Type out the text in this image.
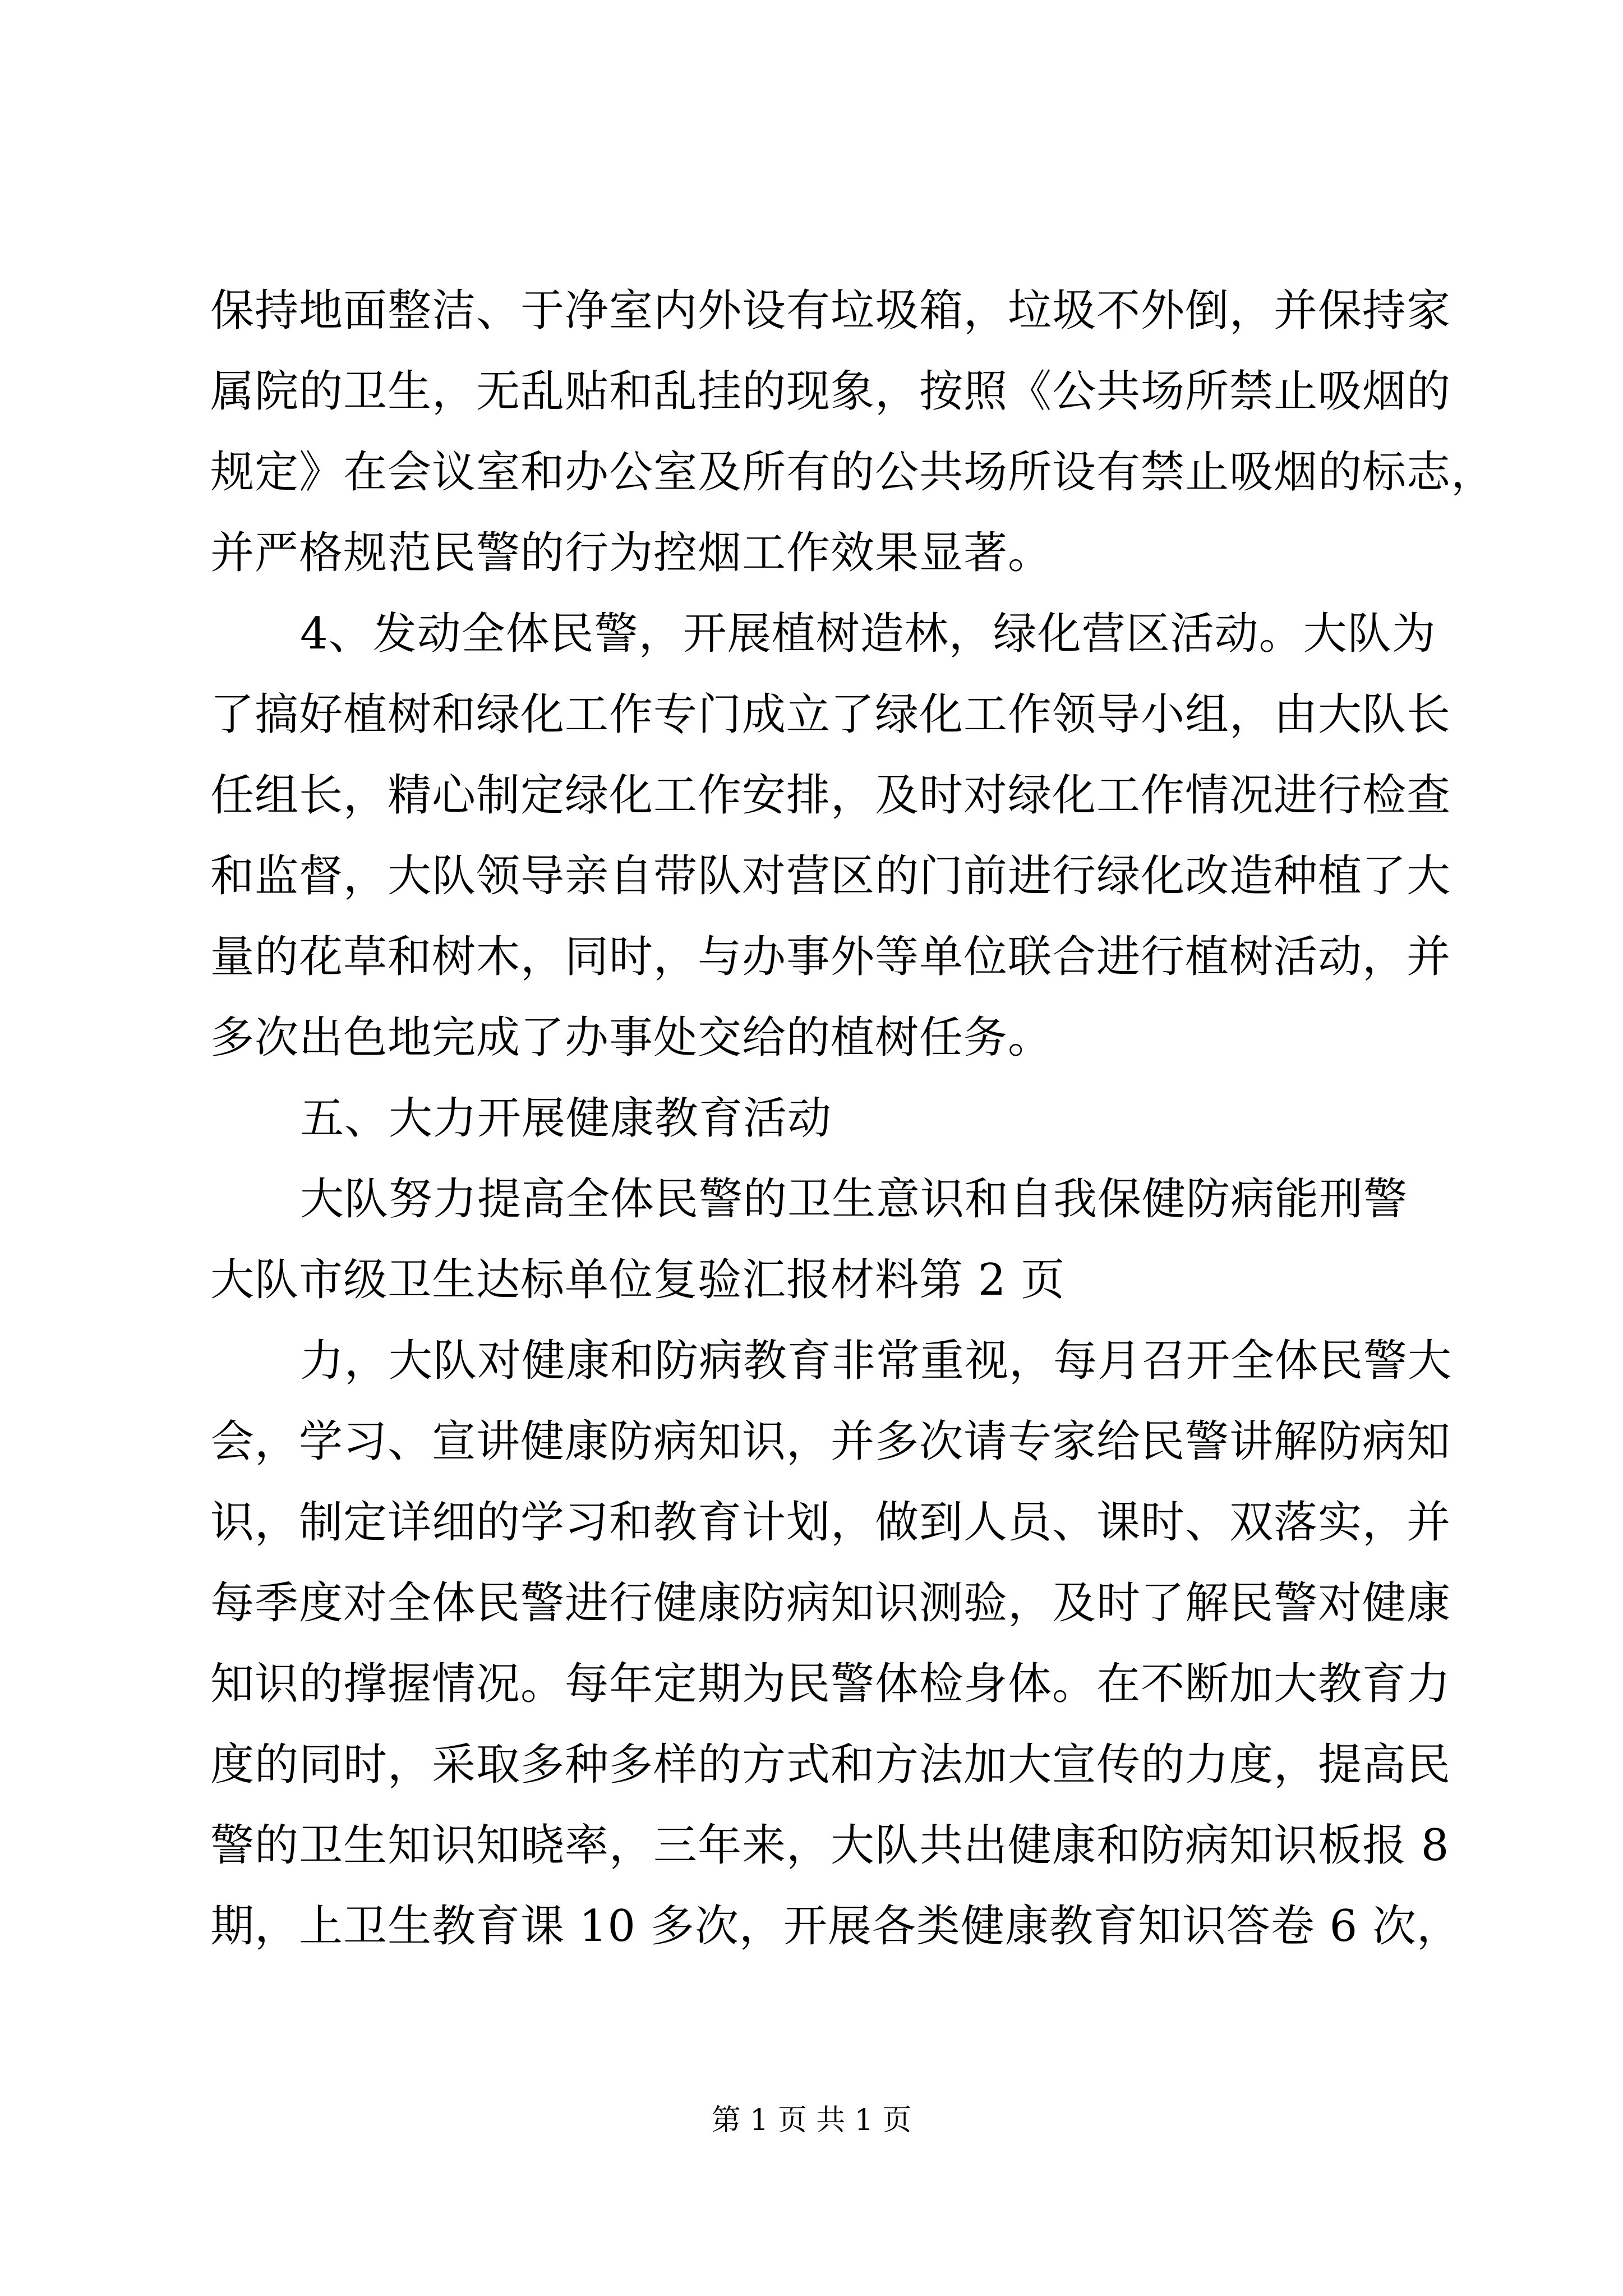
保持地面整洁、于净室内外设有垃圾箱，垃圾不外倒，并保持家
属院的卫生，无乱贴和乱挂的现象，按照《公共场所禁止吸烟的
规定》在会议室和办公室及所有的公共场所设有禁止吸烟的标志，
并严格规范民警的行为控烟工作效果显著。
4、发动全体民警，开展植树造林，绿化营区活动。大队为
了搞好植树和绿化工作专门成立了绿化工作领导小组，由大队长
任组长，精心制定绿化工作安排，及时对绿化工作情况进行检查
和监督，大队领导亲自带队对营区的门前进行绿化改造种植了大
量的花草和树木，同时，与办事外等单位联合进行植树活动，并
多次出色地完成了办事处交给的植树任务。
五、大力开展健康教育活动
大队努力提高全体民警的卫生意识和自我保健防病能刑警
大队市级卫生达标单位复验汇报材料第 2 页
力，大队对健康和防病教育非常重视，每月召开全体民警大
会，学习、宣讲健康防病知识，并多次请专家给民警讲解防病知
识，制定详细的学习和教育计划，做到人员、课时、双落实，并
每季度对全体民警进行健康防病知识测验，及时了解民警对健康
知识的撑握情况。每年定期为民警体检身体。在不断加大教育力
度的同时，采取多种多样的方式和方法加大宣传的力度，提高民
警的卫生知识知晓率，三年来，大队共出健康和防病知识板报 8
期，上卫生教育课 10 多次，开展各类健康教育知识答卷 6 次，
第 1 页 共 1 页
